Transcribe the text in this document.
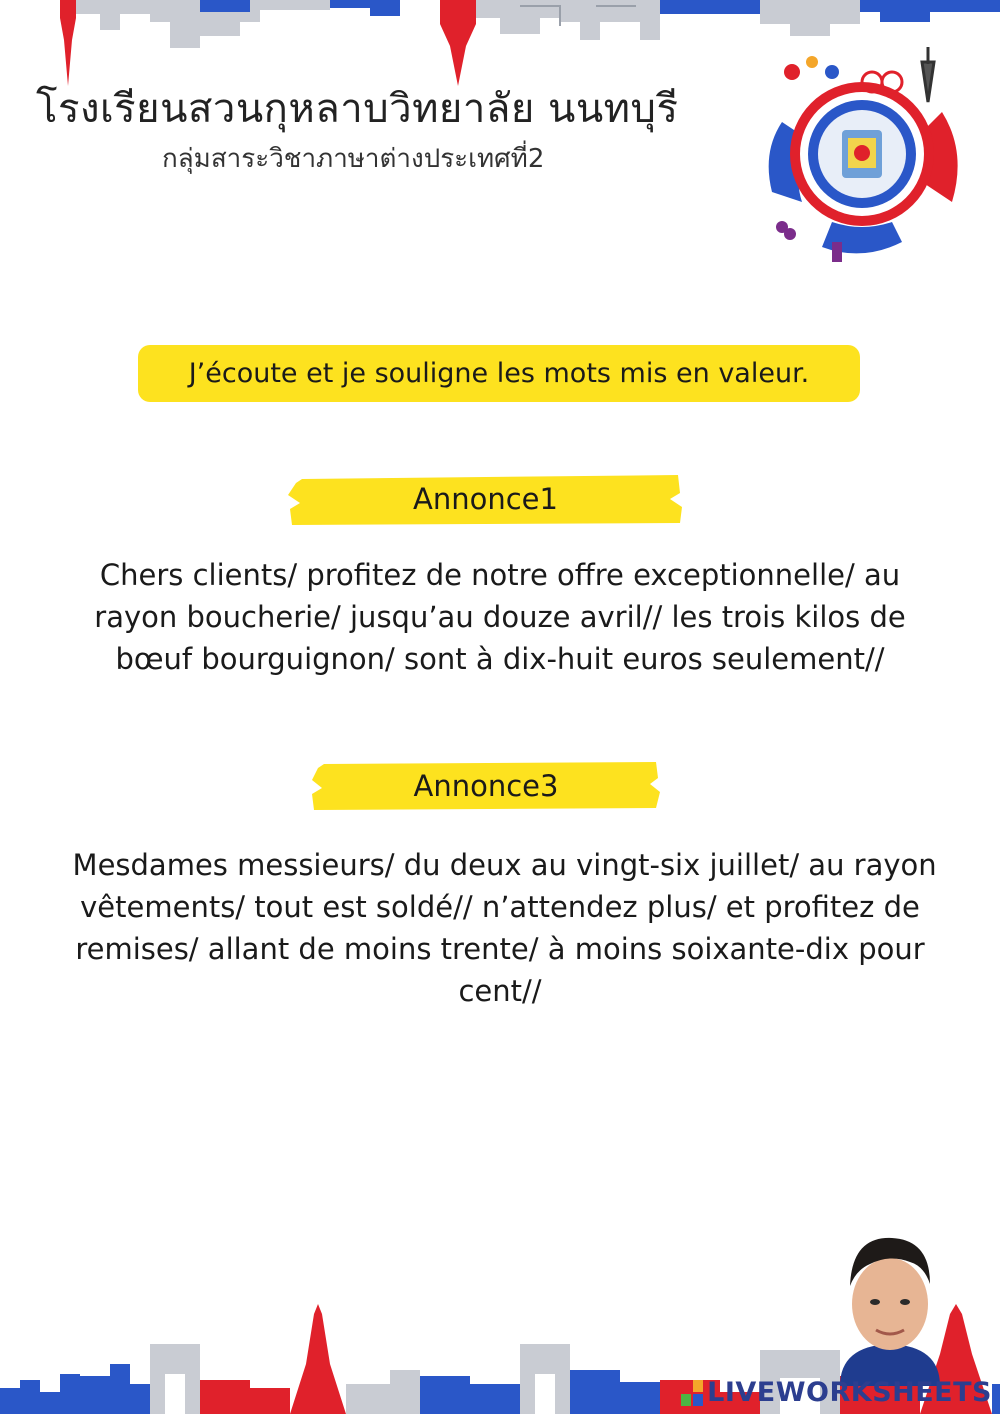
โรงเรียนสวนกุหลาบวิทยาลัย นนทบุรี
กลุ่มสาระวิชาภาษาต่างประเทศที่2
J’écoute et je souligne les mots mis en valeur.
Annonce1
Chers clients/ profitez de notre offre exceptionnelle/ au
rayon boucherie/ jusqu’au douze avril// les trois kilos de
bœuf bourguignon/ sont à dix-huit euros seulement//
Annonce3
Mesdames messieurs/ du deux au vingt-six juillet/ au rayon
vêtements/ tout est soldé// n’attendez plus/ et profitez de
remises/ allant de moins trente/ à moins soixante-dix pour
cent//
LIVEWORKSHEETS
